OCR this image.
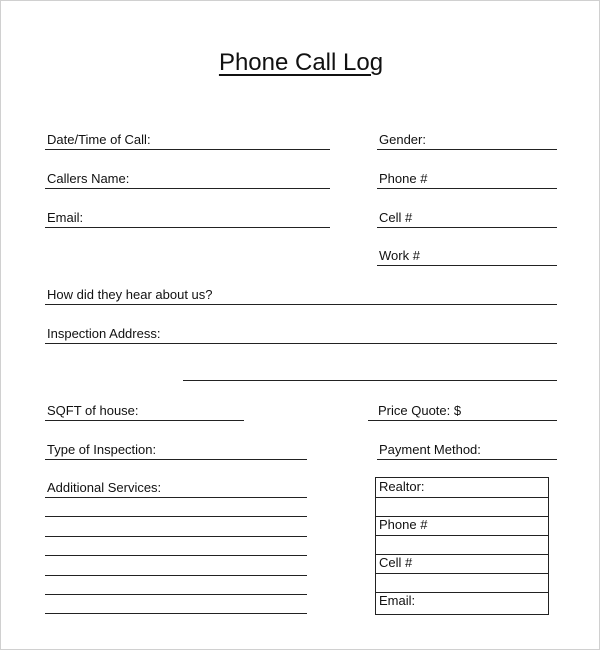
Phone Call Log
Date/Time of Call:
Callers Name:
Email:
Gender:
Phone #
Cell #
Work #
How did they hear about us?
Inspection Address:
SQFT of house:	Price Quote: $
Type of Inspection:	Payment Method:
Additional Services:	Realtor:
Phone #
Cell #
Email:
